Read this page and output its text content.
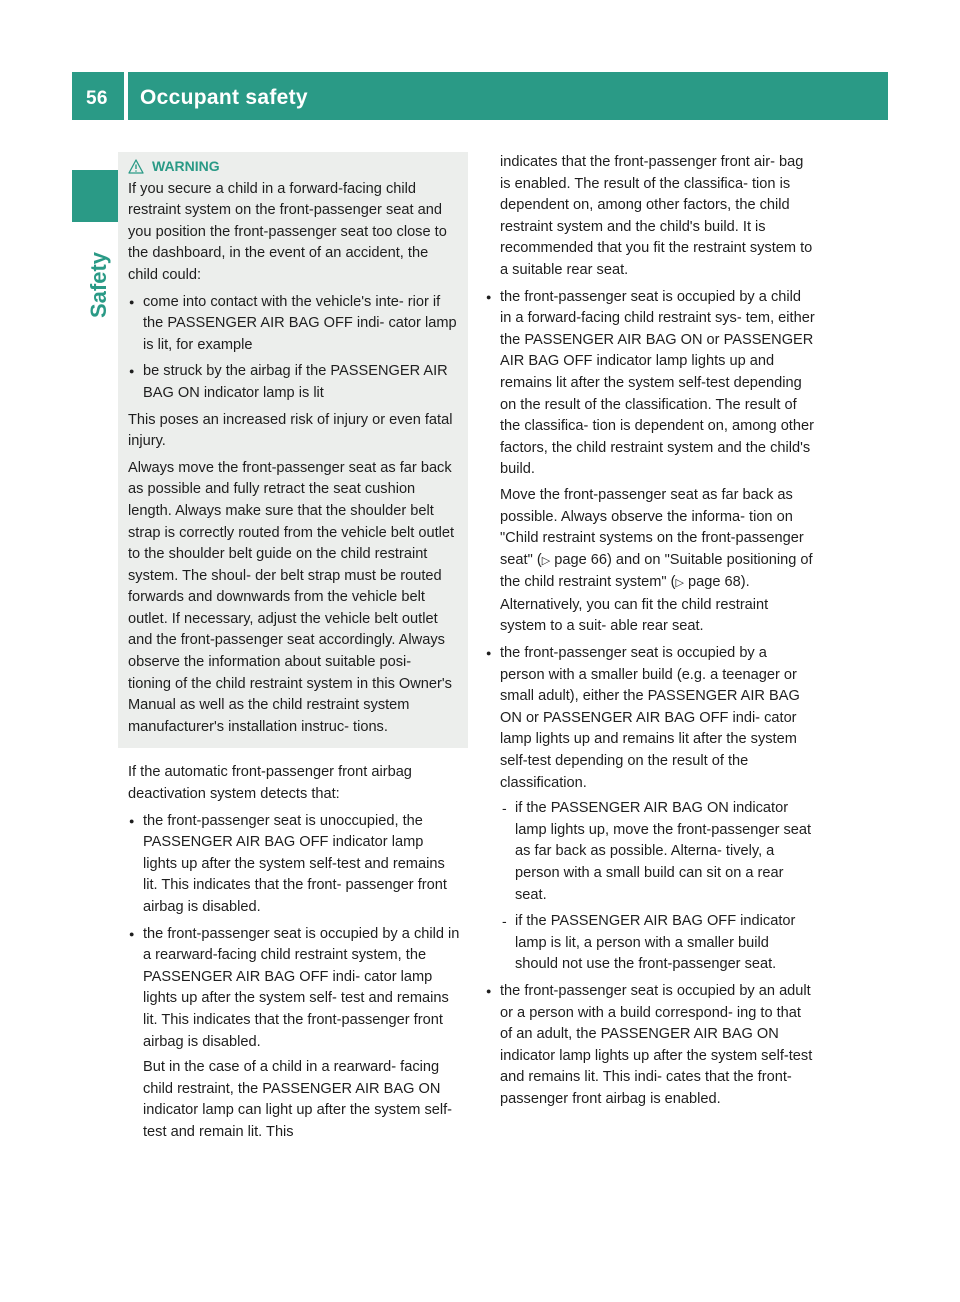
56 Occupant safety
Safety
WARNING

If you secure a child in a forward-facing child restraint system on the front-passenger seat and you position the front-passenger seat too close to the dashboard, in the event of an accident, the child could:

● come into contact with the vehicle's inte- rior if the PASSENGER AIR BAG OFF indi- cator lamp is lit, for example
● be struck by the airbag if the PASSENGER AIR BAG ON indicator lamp is lit

This poses an increased risk of injury or even fatal injury.

Always move the front-passenger seat as far back as possible and fully retract the seat cushion length. Always make sure that the shoulder belt strap is correctly routed from the vehicle belt outlet to the shoulder belt guide on the child restraint system. The shoul- der belt strap must be routed forwards and downwards from the vehicle belt outlet. If necessary, adjust the vehicle belt outlet and the front-passenger seat accordingly. Always observe the information about suitable posi- tioning of the child restraint system in this Owner's Manual as well as the child restraint system manufacturer's installation instruc- tions.

If the automatic front-passenger front airbag deactivation system detects that:

● the front-passenger seat is unoccupied, the PASSENGER AIR BAG OFF indicator lamp lights up after the system self-test and remains lit. This indicates that the front- passenger front airbag is disabled.
● the front-passenger seat is occupied by a child in a rearward-facing child restraint system, the PASSENGER AIR BAG OFF indi- cator lamp lights up after the system self- test and remains lit. This indicates that the front-passenger front airbag is disabled.
But in the case of a child in a rearward- facing child restraint, the PASSENGER AIR BAG ON indicator lamp can light up after the system self-test and remain lit. This
indicates that the front-passenger front air- bag is enabled. The result of the classifica- tion is dependent on, among other factors, the child restraint system and the child's build. It is recommended that you fit the restraint system to a suitable rear seat.
● the front-passenger seat is occupied by a child in a forward-facing child restraint sys- tem, either the PASSENGER AIR BAG ON or PASSENGER AIR BAG OFF indicator lamp lights up and remains lit after the system self-test depending on the result of the classification. The result of the classifica- tion is dependent on, among other factors, the child restraint system and the child's build.
Move the front-passenger seat as far back as possible. Always observe the informa- tion on "Child restraint systems on the front-passenger seat" (▷ page 66) and on "Suitable positioning of the child restraint system" (▷ page 68). Alternatively, you can fit the child restraint system to a suit- able rear seat.
● the front-passenger seat is occupied by a person with a smaller build (e.g. a teenager or small adult), either the PASSENGER AIR BAG ON or PASSENGER AIR BAG OFF indi- cator lamp lights up and remains lit after the system self-test depending on the result of the classification.
- if the PASSENGER AIR BAG ON indicator lamp lights up, move the front-passenger seat as far back as possible. Alterna- tively, a person with a small build can sit on a rear seat.
- if the PASSENGER AIR BAG OFF indicator lamp is lit, a person with a smaller build should not use the front-passenger seat.
● the front-passenger seat is occupied by an adult or a person with a build correspond- ing to that of an adult, the PASSENGER AIR BAG ON indicator lamp lights up after the system self-test and remains lit. This indi- cates that the front-passenger front airbag is enabled.
